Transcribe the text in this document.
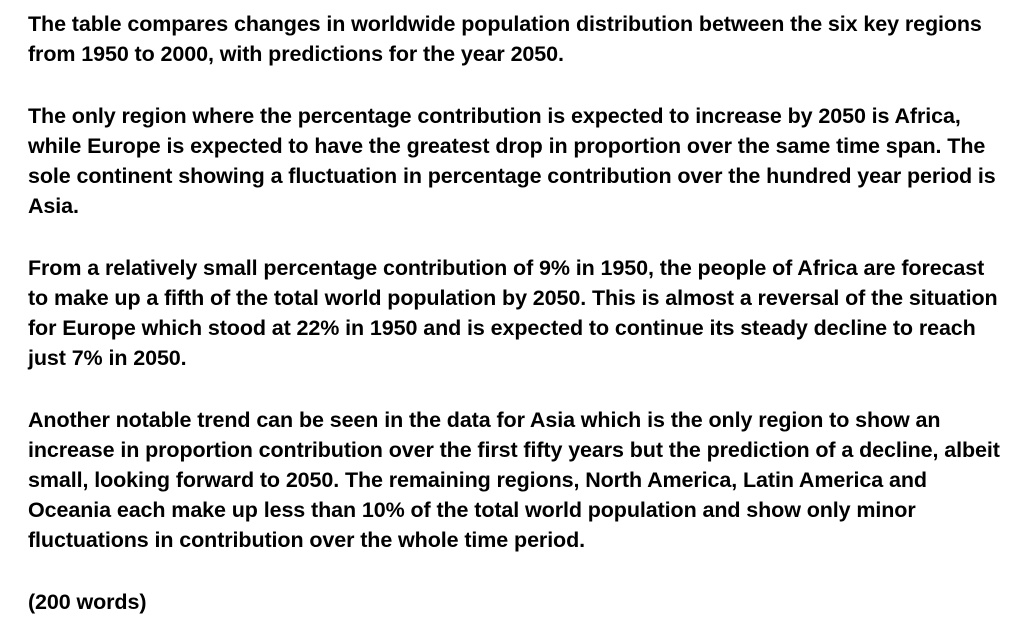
The table compares changes in worldwide population distribution between the six key regions from 1950 to 2000, with predictions for the year 2050.

The only region where the percentage contribution is expected to increase by 2050 is Africa, while Europe is expected to have the greatest drop in proportion over the same time span. The sole continent showing a fluctuation in percentage contribution over the hundred year period is Asia.

From a relatively small percentage contribution of 9% in 1950, the people of Africa are forecast to make up a fifth of the total world population by 2050. This is almost a reversal of the situation for Europe which stood at 22% in 1950 and is expected to continue its steady decline to reach just 7% in 2050.

Another notable trend can be seen in the data for Asia which is the only region to show an increase in proportion contribution over the first fifty years but the prediction of a decline, albeit small, looking forward to 2050. The remaining regions, North America, Latin America and Oceania each make up less than 10% of the total world population and show only minor fluctuations in contribution over the whole time period.

(200 words)
